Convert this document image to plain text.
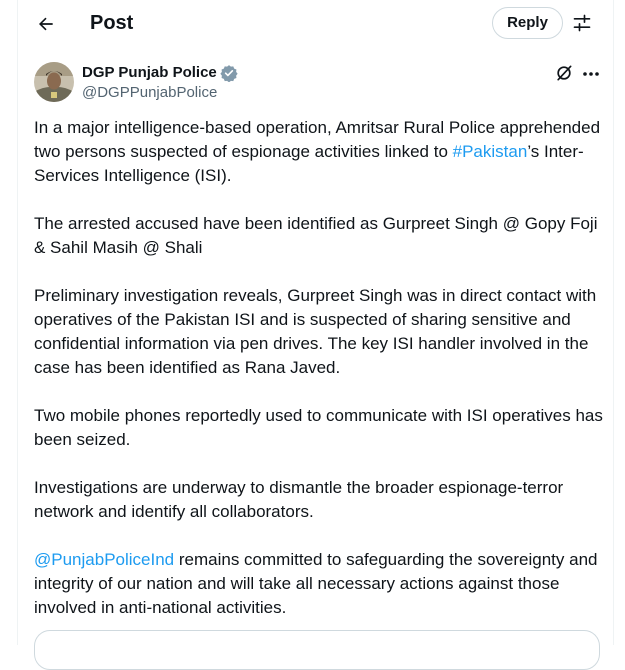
Post	Reply
DGP Punjab Police
@DGPPunjabPolice

In a major intelligence-based operation, Amritsar Rural Police apprehended two persons suspected of espionage activities linked to #Pakistan’s Inter-Services Intelligence (ISI).

The arrested accused have been identified as Gurpreet Singh @ Gopy Foji & Sahil Masih @ Shali

Preliminary investigation reveals, Gurpreet Singh was in direct contact with operatives of the Pakistan ISI and is suspected of sharing sensitive and confidential information via pen drives. The key ISI handler involved in the case has been identified as Rana Javed.

Two mobile phones reportedly used to communicate with ISI operatives has been seized.

Investigations are underway to dismantle the broader espionage-terror network and identify all collaborators.

@PunjabPoliceInd remains committed to safeguarding the sovereignty and integrity of our nation and will take all necessary actions against those involved in anti-national activities.
